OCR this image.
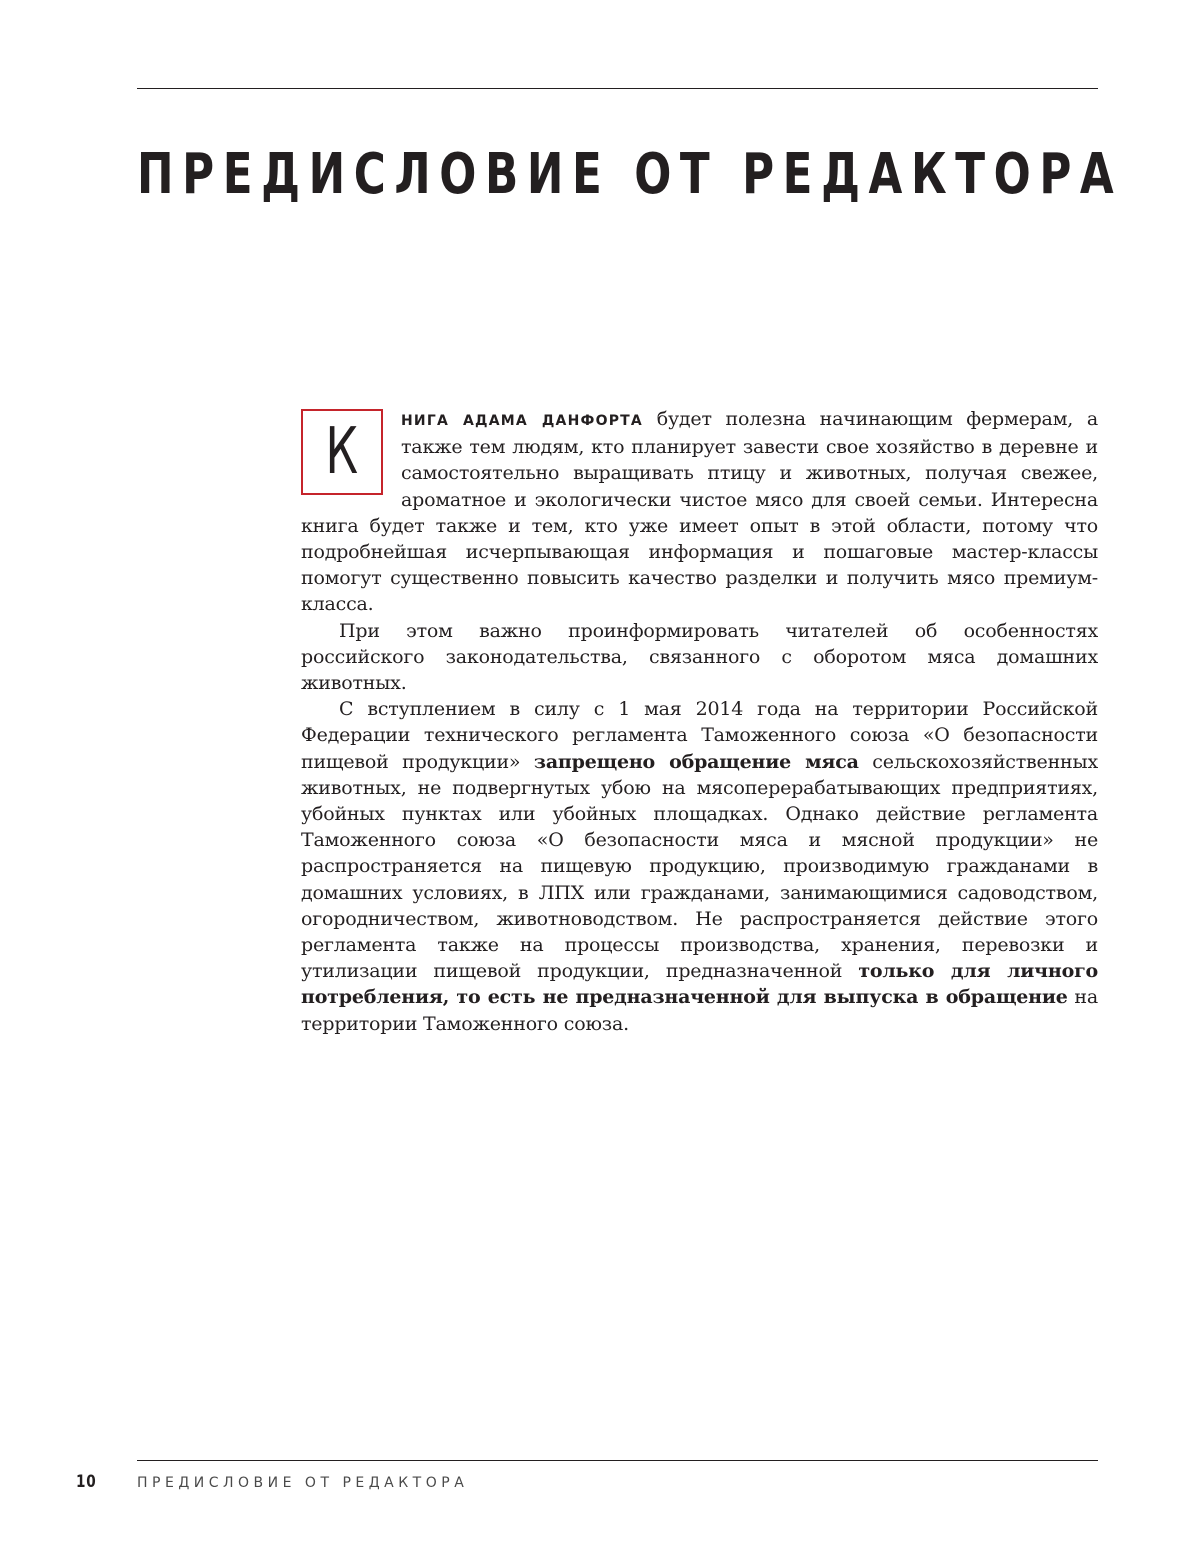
ПРЕДИСЛОВИЕ ОТ РЕДАКТОРА

К	НИГА АДАМА ДАНФОРТА будет полезна начинающим фермерам, а также тем людям, кто планирует завести свое хозяйство в деревне и самостоятельно выращивать птицу и животных, получая свежее, ароматное и экологически чистое мясо для своей семьи. Интересна книга будет также и тем, кто уже имеет опыт в этой области, потому что подробнейшая исчерпывающая информация и пошаговые мастер-классы помогут существенно повысить качество разделки и получить мясо премиум-класса.

При этом важно проинформировать читателей об особенностях российского законодательства, связанного с оборотом мяса домашних животных.

С вступлением в силу с 1 мая 2014 года на территории Российской Федерации технического регламента Таможенного союза «О безопасности пищевой продукции» запрещено обращение мяса сельскохозяйственных животных, не подвергнутых убою на мясоперерабатывающих предприятиях, убойных пунктах или убойных площадках. Однако действие регламента Таможенного союза «О безопасности мяса и мясной продукции» не распространяется на пищевую продукцию, производимую гражданами в домашних условиях, в ЛПХ или гражданами, занимающимися садоводством, огородничеством, животноводством. Не распространяется действие этого регламента также на процессы производства, хранения, перевозки и утилизации пищевой продукции, предназначенной только для личного потребления, то есть не предназначенной для выпуска в обращение на территории Таможенного союза.

10	ПРЕДИСЛОВИЕ ОТ РЕДАКТОРА
